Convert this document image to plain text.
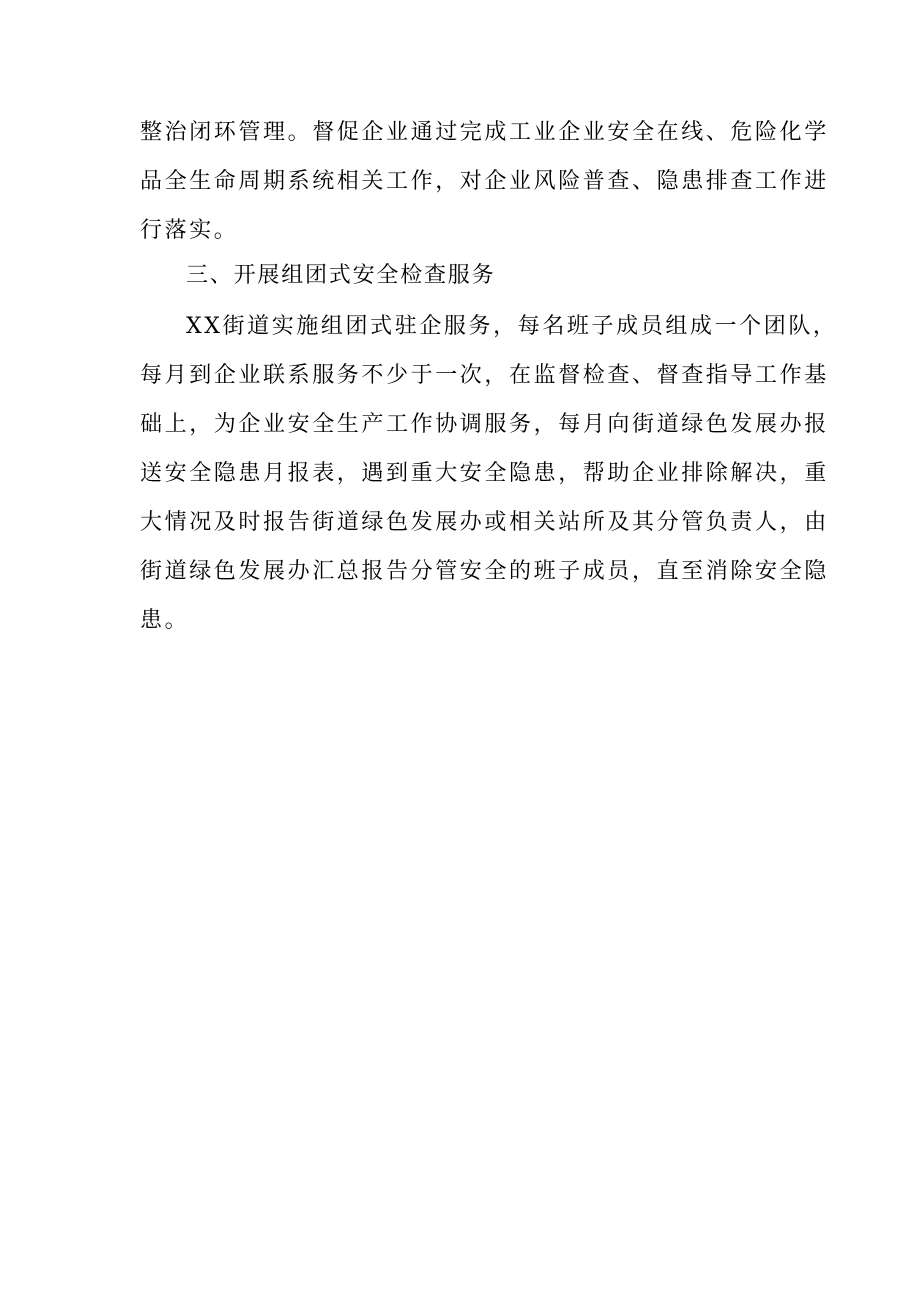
整治闭环管理。督促企业通过完成工业企业安全在线、危险化学
品全生命周期系统相关工作，对企业风险普查、隐患排查工作进
行落实。
三、开展组团式安全检查服务
XX街道实施组团式驻企服务，每名班子成员组成一个团队，
每月到企业联系服务不少于一次，在监督检查、督查指导工作基
础上，为企业安全生产工作协调服务，每月向街道绿色发展办报
送安全隐患月报表，遇到重大安全隐患，帮助企业排除解决，重
大情况及时报告街道绿色发展办或相关站所及其分管负责人，由
街道绿色发展办汇总报告分管安全的班子成员，直至消除安全隐
患。
